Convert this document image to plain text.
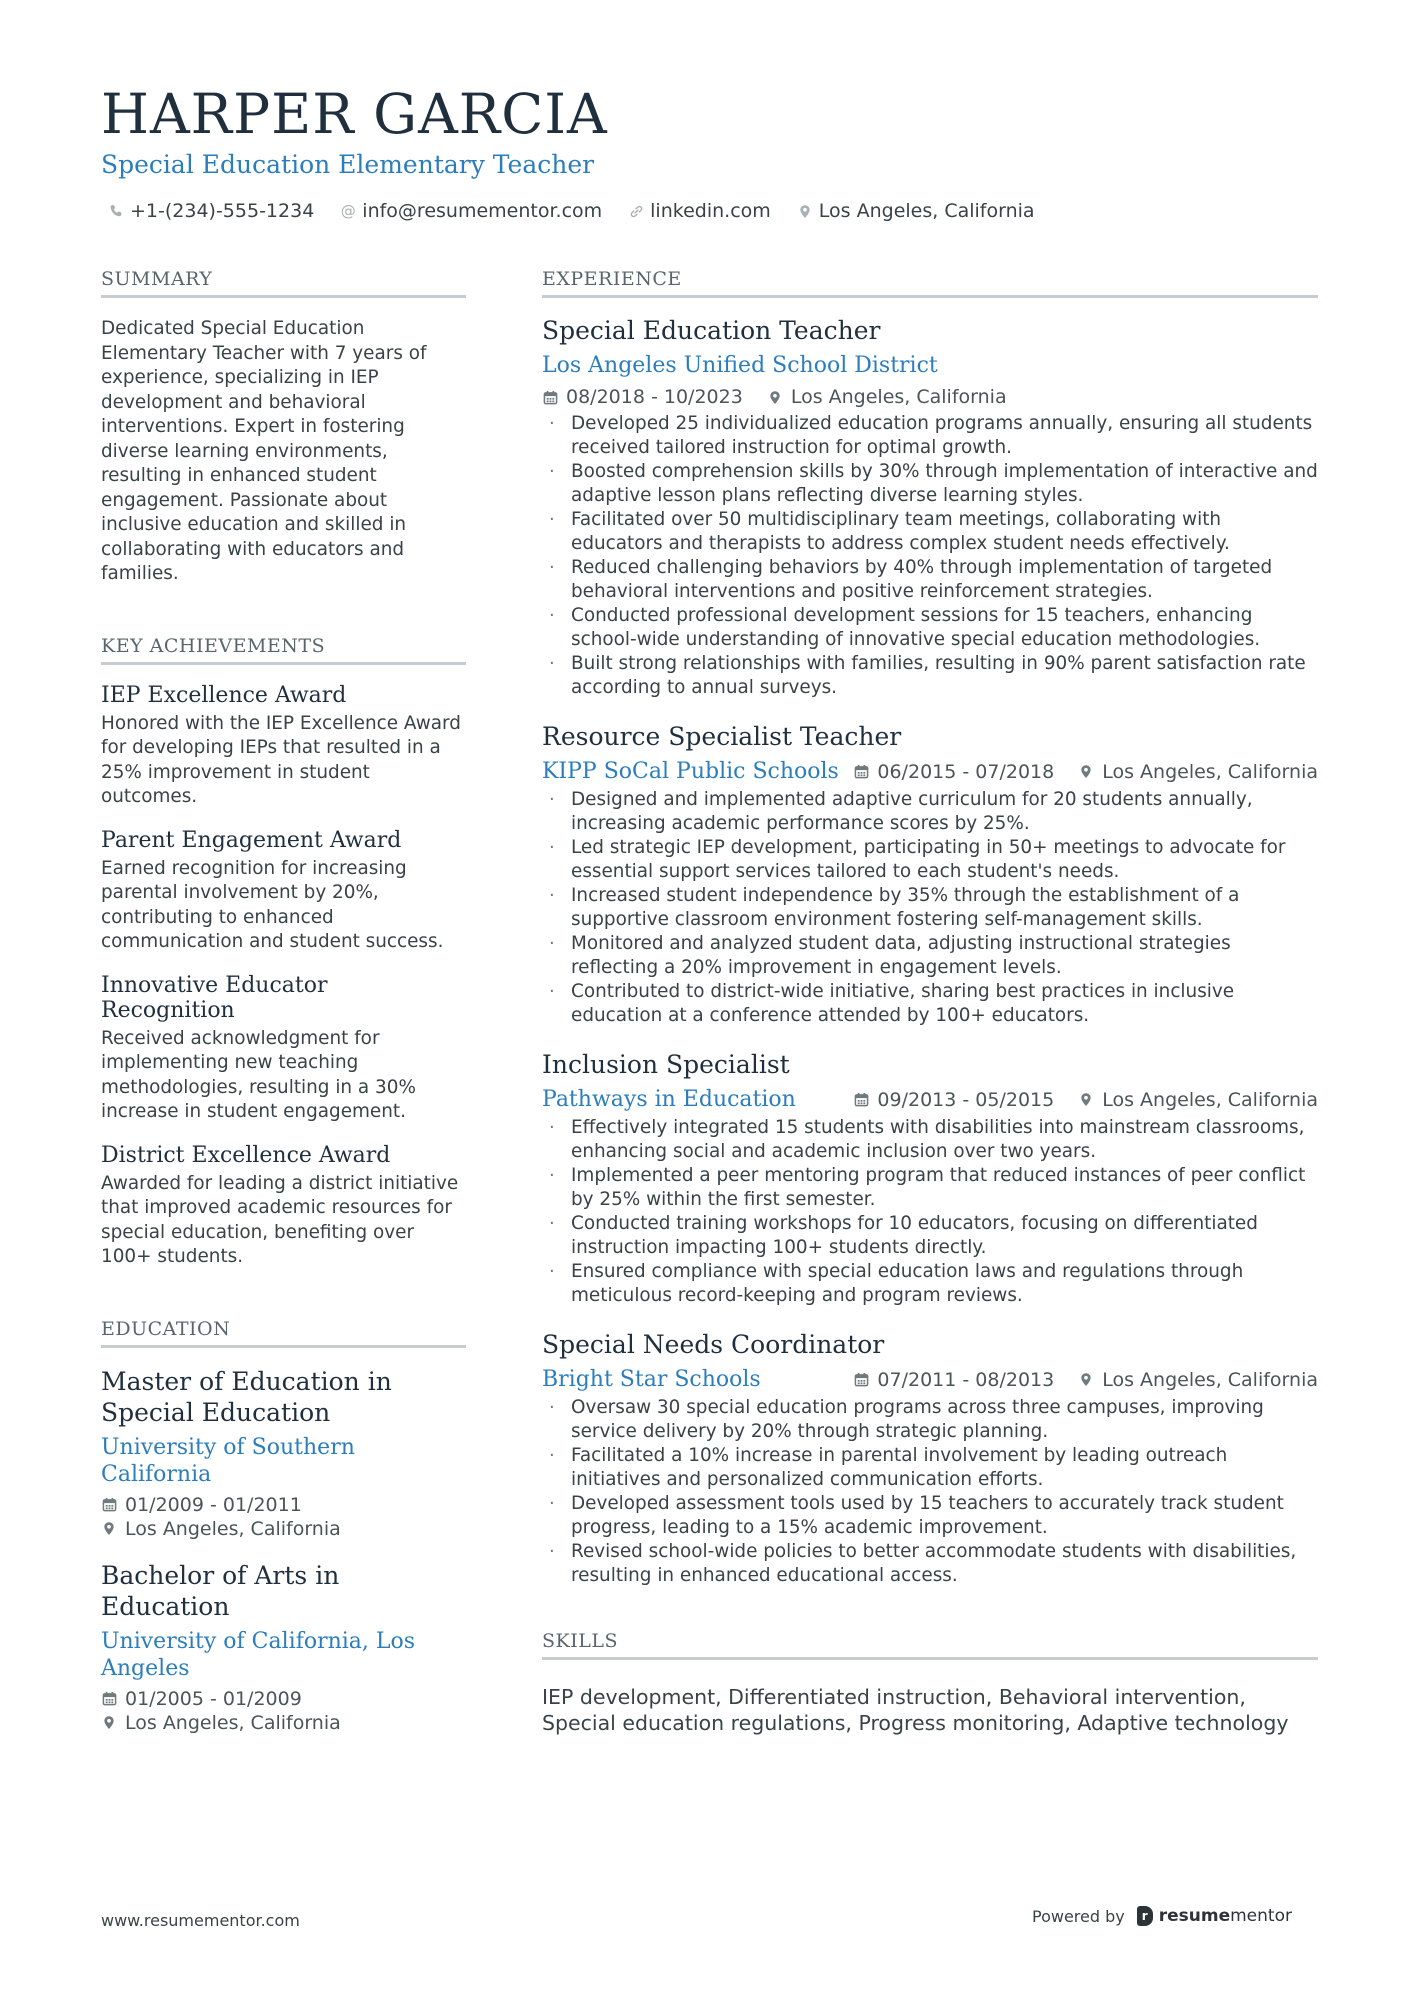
HARPER GARCIA
Special Education Elementary Teacher
+1-(234)-555-1234 @ info@resumementor.com	linkedin.com	Los Angeles, California
SUMMARY
Dedicated Special Education Elementary Teacher with 7 years of experience, specializing in IEP development and behavioral interventions. Expert in fostering diverse learning environments, resulting in enhanced student engagement. Passionate about inclusive education and skilled in collaborating with educators and families.
KEY ACHIEVEMENTS
IEP Excellence Award
Honored with the IEP Excellence Award for developing IEPs that resulted in a 25% improvement in student outcomes.
Parent Engagement Award
Earned recognition for increasing parental involvement by 20%, contributing to enhanced communication and student success.
Innovative Educator Recognition
Received acknowledgment for implementing new teaching methodologies, resulting in a 30% increase in student engagement.
District Excellence Award
Awarded for leading a district initiative that improved academic resources for special education, benefiting over 100+ students.
EDUCATION
Master of Education in Special Education
University of Southern California
01/2009 - 01/2011
Los Angeles, California
Bachelor of Arts in Education
University of California, Los Angeles
01/2005 - 01/2009
Los Angeles, California
EXPERIENCE
Special Education Teacher
Los Angeles Unified School District
08/2018 - 10/2023	Los Angeles, California
· Developed 25 individualized education programs annually, ensuring all students received tailored instruction for optimal growth.
· Boosted comprehension skills by 30% through implementation of interactive and adaptive lesson plans reflecting diverse learning styles.
· Facilitated over 50 multidisciplinary team meetings, collaborating with educators and therapists to address complex student needs effectively.
· Reduced challenging behaviors by 40% through implementation of targeted behavioral interventions and positive reinforcement strategies.
· Conducted professional development sessions for 15 teachers, enhancing school-wide understanding of innovative special education methodologies.
· Built strong relationships with families, resulting in 90% parent satisfaction rate according to annual surveys.
Resource Specialist Teacher
KIPP SoCal Public Schools 06/2015 - 07/2018	Los Angeles, California
· Designed and implemented adaptive curriculum for 20 students annually, increasing academic performance scores by 25%.
· Led strategic IEP development, participating in 50+ meetings to advocate for essential support services tailored to each student's needs.
· Increased student independence by 35% through the establishment of a supportive classroom environment fostering self-management skills.
· Monitored and analyzed student data, adjusting instructional strategies reflecting a 20% improvement in engagement levels.
· Contributed to district-wide initiative, sharing best practices in inclusive education at a conference attended by 100+ educators.
Inclusion Specialist
Pathways in Education	09/2013 - 05/2015	Los Angeles, California
· Effectively integrated 15 students with disabilities into mainstream classrooms, enhancing social and academic inclusion over two years.
· Implemented a peer mentoring program that reduced instances of peer conflict by 25% within the first semester.
· Conducted training workshops for 10 educators, focusing on differentiated instruction impacting 100+ students directly.
· Ensured compliance with special education laws and regulations through meticulous record-keeping and program reviews.
Special Needs Coordinator
Bright Star Schools	07/2011 - 08/2013	Los Angeles, California
· Oversaw 30 special education programs across three campuses, improving service delivery by 20% through strategic planning.
· Facilitated a 10% increase in parental involvement by leading outreach initiatives and personalized communication efforts.
· Developed assessment tools used by 15 teachers to accurately track student progress, leading to a 15% academic improvement.
· Revised school-wide policies to better accommodate students with disabilities, resulting in enhanced educational access.
SKILLS
IEP development, Differentiated instruction, Behavioral intervention, Special education regulations, Progress monitoring, Adaptive technology
www.resumementor.com	Powered by	r resumementor
